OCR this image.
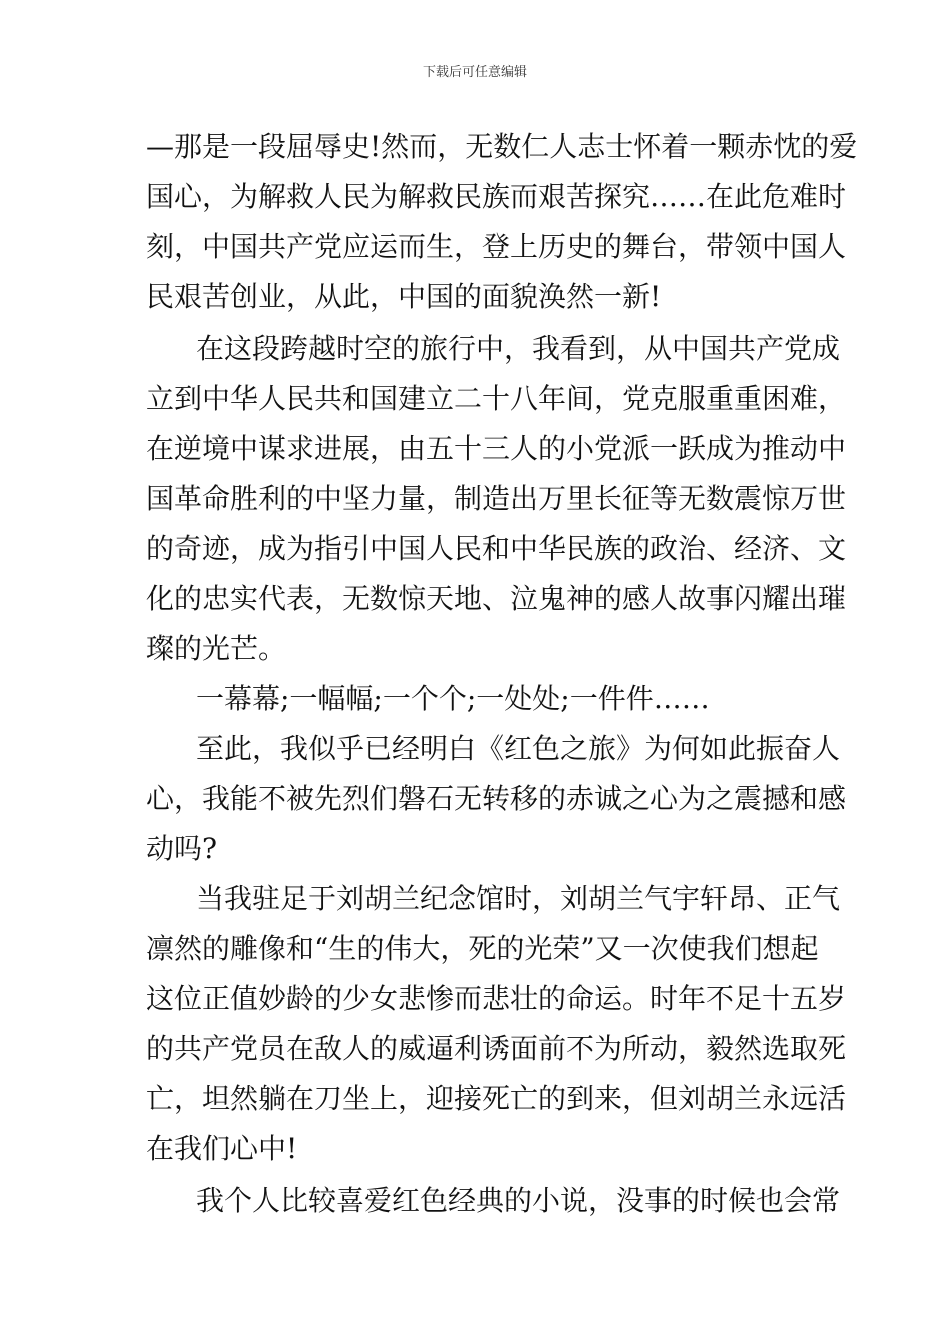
下载后可任意编辑
—那是一段屈辱史!然而，无数仁人志士怀着一颗赤忱的爱
国心，为解救人民为解救民族而艰苦探究……在此危难时
刻，中国共产党应运而生，登上历史的舞台，带领中国人
民艰苦创业，从此，中国的面貌涣然一新!
在这段跨越时空的旅行中，我看到，从中国共产党成
立到中华人民共和国建立二十八年间，党克服重重困难，
在逆境中谋求进展，由五十三人的小党派一跃成为推动中
国革命胜利的中坚力量，制造出万里长征等无数震惊万世
的奇迹，成为指引中国人民和中华民族的政治、经济、文
化的忠实代表，无数惊天地、泣鬼神的感人故事闪耀出璀
璨的光芒。
一幕幕;一幅幅;一个个;一处处;一件件……
至此，我似乎已经明白《红色之旅》为何如此振奋人
心，我能不被先烈们磐石无转移的赤诚之心为之震撼和感
动吗?
当我驻足于刘胡兰纪念馆时，刘胡兰气宇轩昂、正气
凛然的雕像和“生的伟大，死的光荣”又一次使我们想起
这位正值妙龄的少女悲惨而悲壮的命运。时年不足十五岁
的共产党员在敌人的威逼利诱面前不为所动，毅然选取死
亡，坦然躺在刀坐上，迎接死亡的到来，但刘胡兰永远活
在我们心中!
我个人比较喜爱红色经典的小说，没事的时候也会常
